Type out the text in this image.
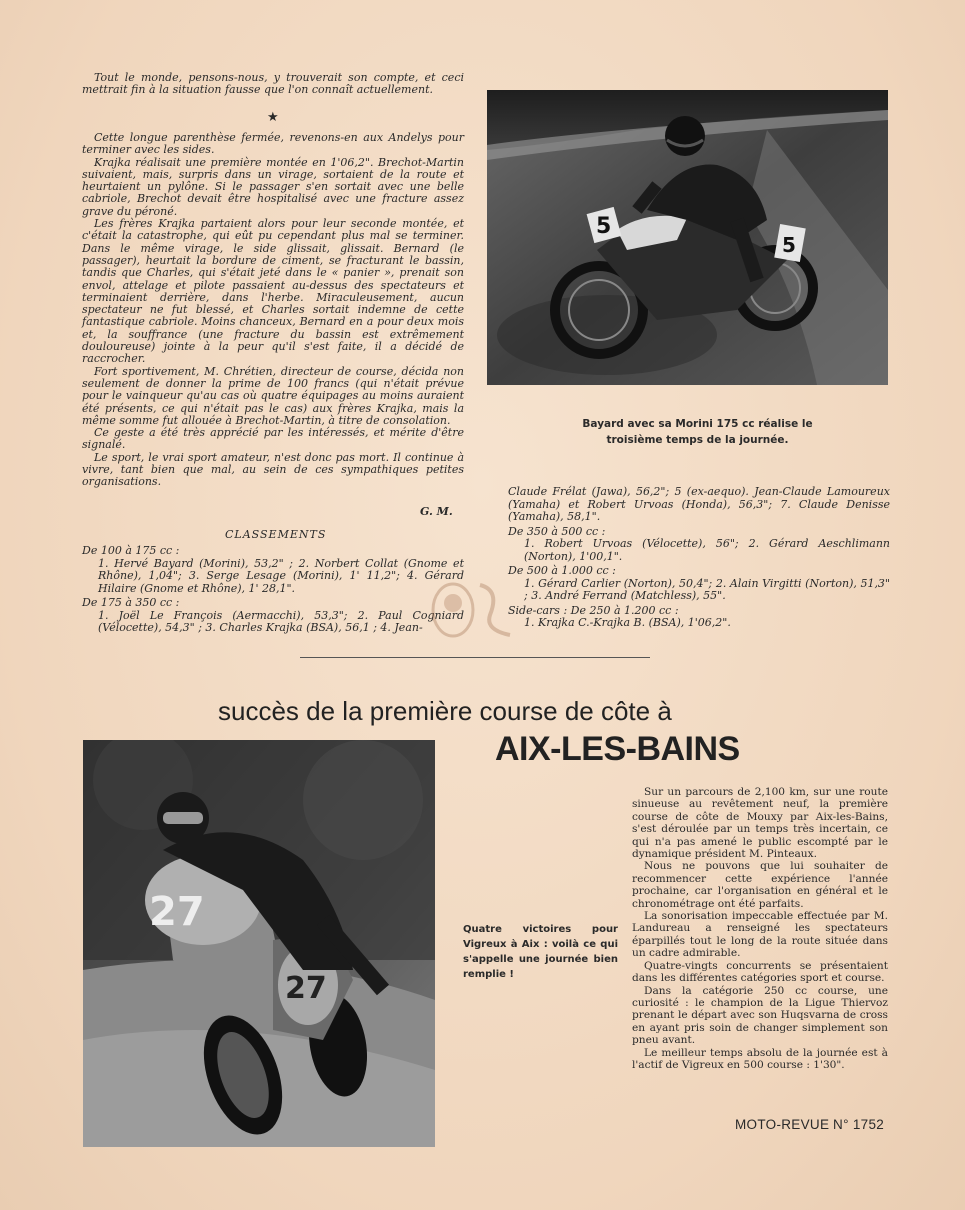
Tout le monde, pensons-nous, y trouverait son compte, et ceci mettrait fin à la situation fausse que l'on connaît actuellement.

★

Cette longue parenthèse fermée, revenons-en aux Andelys pour terminer avec les sides.

Krajka réalisait une première montée en 1'06,2". Brechot-Martin suivaient, mais, surpris dans un virage, sortaient de la route et heurtaient un pylône. Si le passager s'en sortait avec une belle cabriole, Brechot devait être hospitalisé avec une fracture assez grave du péroné.

Les frères Krajka partaient alors pour leur seconde montée, et c'était la catastrophe, qui eût pu cependant plus mal se terminer. Dans le même virage, le side glissait, glissait. Bernard (le passager), heurtait la bordure de ciment, se fracturant le bassin, tandis que Charles, qui s'était jeté dans le « panier », prenait son envol, attelage et pilote passaient au-dessus des spectateurs et terminaient derrière, dans l'herbe. Miraculeusement, aucun spectateur ne fut blessé, et Charles sortait indemne de cette fantastique cabriole. Moins chanceux, Bernard en a pour deux mois et, la souffrance (une fracture du bassin est extrêmement douloureuse) jointe à la peur qu'il s'est faite, il a décidé de raccrocher.

Fort sportivement, M. Chrétien, directeur de course, décida non seulement de donner la prime de 100 francs (qui n'était prévue pour le vainqueur qu'au cas où quatre équipages au moins auraient été présents, ce qui n'était pas le cas) aux frères Krajka, mais la même somme fut allouée à Brechot-Martin, à titre de consolation.

Ce geste a été très apprécié par les intéressés, et mérite d'être signalé.

Le sport, le vrai sport amateur, n'est donc pas mort. Il continue à vivre, tant bien que mal, au sein de ces sympathiques petites organisations.

G. M.
CLASSEMENTS
De 100 à 175 cc :
1. Hervé Bayard (Morini), 53,2" ; 2. Norbert Collat (Gnome et Rhône), 1,04"; 3. Serge Lesage (Morini), 1' 11,2"; 4. Gérard Hilaire (Gnome et Rhône), 1' 28,1".
De 175 à 350 cc :
1. Joël Le François (Aermacchi), 53,3"; 2. Paul Cogniard (Vélocette), 54,3" ; 3. Charles Krajka (BSA), 56,1 ; 4. Jean-
Claude Frélat (Jawa), 56,2"; 5 (ex-aequo). Jean-Claude Lamoureux (Yamaha) et Robert Urvoas (Honda), 56,3"; 7. Claude Denisse (Yamaha), 58,1".
De 350 à 500 cc :
1. Robert Urvoas (Vélocette), 56"; 2. Gérard Aeschlimann (Norton), 1'00,1".
De 500 à 1.000 cc :
1. Gérard Carlier (Norton), 50,4"; 2. Alain Virgitti (Norton), 51,3" ; 3. André Ferrand (Matchless), 55".
Side-cars : De 250 à 1.200 cc :
1. Krajka C.-Krajka B. (BSA), 1'06,2".
5
5
Bayard avec sa Morini 175 cc réalise le troisième temps de la journée.
succès de la première course de côte à
AIX-LES-BAINS
27
27
Quatre victoires pour Vigreux à Aix : voilà ce qui s'appelle une journée bien remplie !

Sur un parcours de 2,100 km, sur une route sinueuse au revêtement neuf, la première course de côte de Mouxy par Aix-les-Bains, s'est déroulée par un temps très incertain, ce qui n'a pas amené le public escompté par le dynamique président M. Pinteaux.

Nous ne pouvons que lui souhaiter de recommencer cette expérience l'année prochaine, car l'organisation en général et le chronométrage ont été parfaits.

La sonorisation impeccable effectuée par M. Landureau a renseigné les spectateurs éparpillés tout le long de la route située dans un cadre admirable.

Quatre-vingts concurrents se présentaient dans les différentes catégories sport et course.

Dans la catégorie 250 cc course, une curiosité : le champion de la Ligue Thiervoz prenant le départ avec son Huqsvarna de cross en ayant pris soin de changer simplement son pneu avant.

Le meilleur temps absolu de la journée est à l'actif de Vigreux en 500 course : 1'30".

MOTO-REVUE N° 1752
